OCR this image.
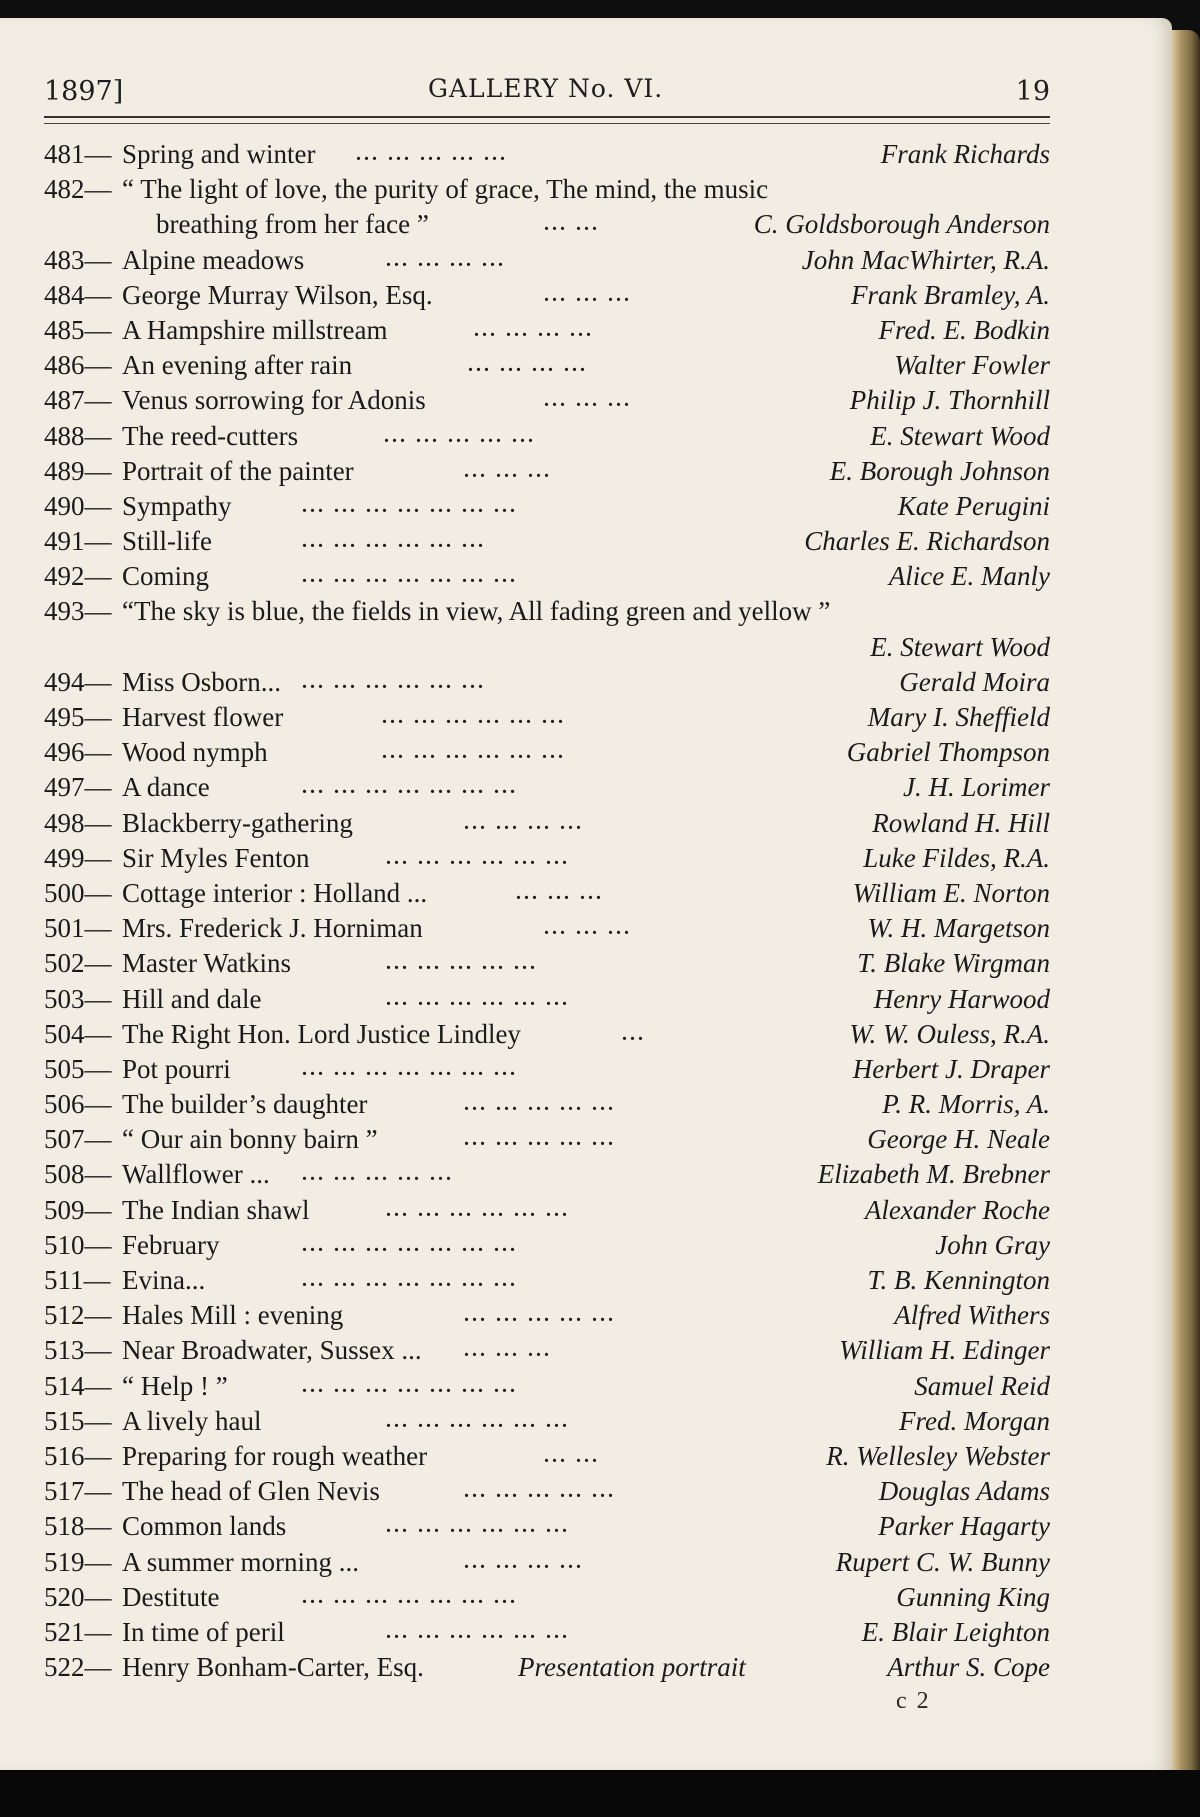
1897]	GALLERY No. VI.	19
481— Spring and winter ... ... ... ... ...	Frank Richards
482— “ The light of love, the purity of grace, The mind, the music
breathing from her face ”	... ...	C. Goldsborough Anderson
483— Alpine meadows	... ... ... ...	John MacWhirter, R.A.
484— George Murray Wilson, Esq.	... ... ...	Frank Bramley, A.
485— A Hampshire millstream	... ... ... ...	Fred. E. Bodkin
486— An evening after rain	... ... ... ...	Walter Fowler
487— Venus sorrowing for Adonis	... ... ...	Philip J. Thornhill
488— The reed-cutters	... ... ... ... ...	E. Stewart Wood
489— Portrait of the painter	... ... ...	E. Borough Johnson
490— Sympathy	... ... ... ... ... ... ...	Kate Perugini
491— Still-life	... ... ... ... ... ...	Charles E. Richardson
492— Coming	... ... ... ... ... ... ...	Alice E. Manly
493— “The sky is blue, the fields in view, All fading green and yellow ”
E. Stewart Wood
494— Miss Osborn... ... ... ... ... ... ...	Gerald Moira
495— Harvest flower	... ... ... ... ... ...	Mary I. Sheffield
496— Wood nymph	... ... ... ... ... ...	Gabriel Thompson
497— A dance	... ... ... ... ... ... ...	J. H. Lorimer
498— Blackberry-gathering	... ... ... ...	Rowland H. Hill
499— Sir Myles Fenton	... ... ... ... ... ...	Luke Fildes, R.A.
500— Cottage interior : Holland ...	... ... ...	William E. Norton
501— Mrs. Frederick J. Horniman	... ... ...	W. H. Margetson
502— Master Watkins	... ... ... ... ...	T. Blake Wirgman
503— Hill and dale	... ... ... ... ... ...	Henry Harwood
504— The Right Hon. Lord Justice Lindley	...	W. W. Ouless, R.A.
505— Pot pourri	... ... ... ... ... ... ...	Herbert J. Draper
506— The builder’s daughter	... ... ... ... ...	P. R. Morris, A.
507— “ Our ain bonny bairn ”	... ... ... ... ...	George H. Neale
508— Wallflower ... ... ... ... ... ...	Elizabeth M. Brebner
509— The Indian shawl	... ... ... ... ... ...	Alexander Roche
510— February	... ... ... ... ... ... ...	John Gray
511— Evina...	... ... ... ... ... ... ...	T. B. Kennington
512— Hales Mill : evening	... ... ... ... ...	Alfred Withers
513— Near Broadwater, Sussex ... ... ... ...	William H. Edinger
514— “ Help ! ”	... ... ... ... ... ... ...	Samuel Reid
515— A lively haul	... ... ... ... ... ...	Fred. Morgan
516— Preparing for rough weather	... ...	R. Wellesley Webster
517— The head of Glen Nevis	... ... ... ... ...	Douglas Adams
518— Common lands	... ... ... ... ... ...	Parker Hagarty
519— A summer morning ...	... ... ... ...	Rupert C. W. Bunny
520— Destitute	... ... ... ... ... ... ...	Gunning King
521— In time of peril	... ... ... ... ... ...	E. Blair Leighton
522— Henry Bonham-Carter, Esq.	Presentation portrait	Arthur S. Cope
c 2
